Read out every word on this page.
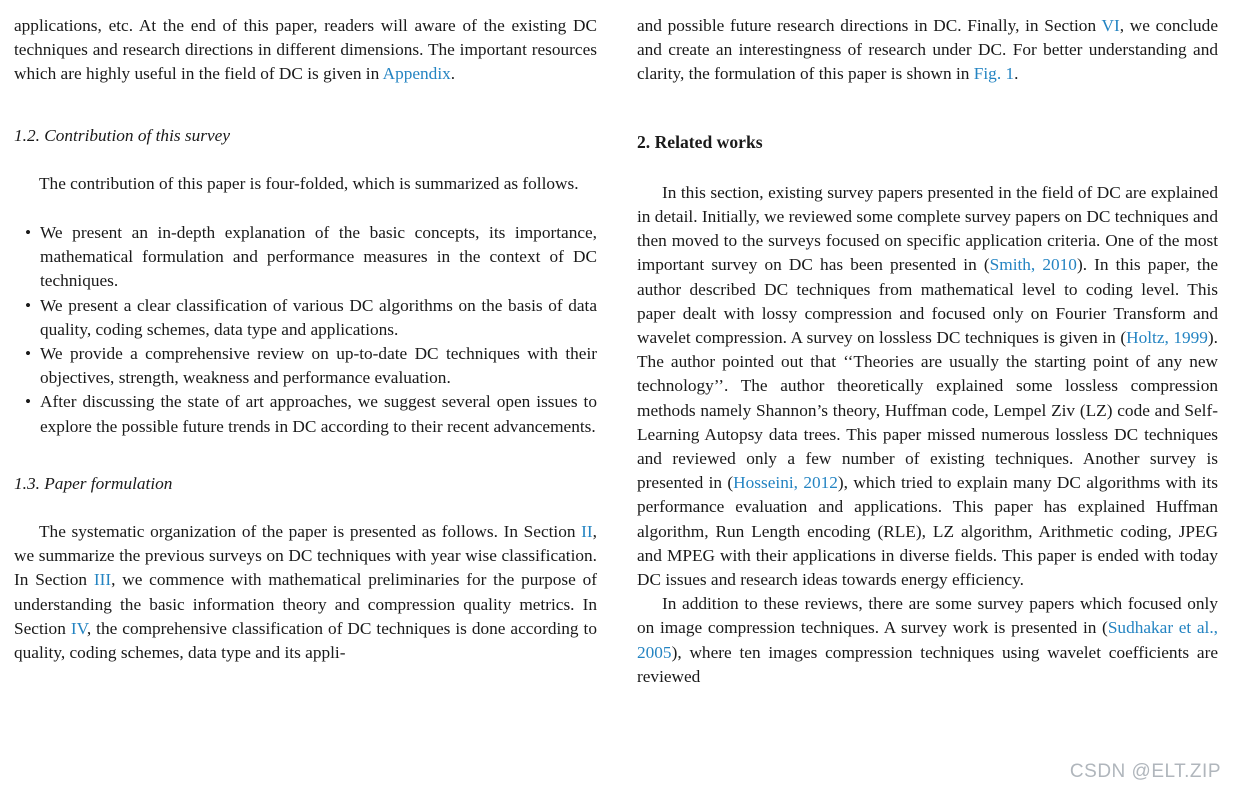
applications, etc. At the end of this paper, readers will aware of the existing DC techniques and research directions in different dimensions. The important resources which are highly useful in the field of DC is given in Appendix.

1.2. Contribution of this survey

The contribution of this paper is four-folded, which is summarized as follows.

• We present an in-depth explanation of the basic concepts, its importance, mathematical formulation and performance measures in the context of DC techniques.
• We present a clear classification of various DC algorithms on the basis of data quality, coding schemes, data type and applications.
• We provide a comprehensive review on up-to-date DC techniques with their objectives, strength, weakness and performance evaluation.
• After discussing the state of art approaches, we suggest several open issues to explore the possible future trends in DC according to their recent advancements.
1.3. Paper formulation

The systematic organization of the paper is presented as follows. In Section II, we summarize the previous surveys on DC techniques with year wise classification. In Section III, we commence with mathematical preliminaries for the purpose of understanding the basic information theory and compression quality metrics. In Section IV, the comprehensive classification of DC techniques is done according to quality, coding schemes, data type and its appli-

and possible future research directions in DC. Finally, in Section VI, we conclude and create an interestingness of research under DC. For better understanding and clarity, the formulation of this paper is shown in Fig. 1.

2. Related works

In this section, existing survey papers presented in the field of DC are explained in detail. Initially, we reviewed some complete survey papers on DC techniques and then moved to the surveys focused on specific application criteria. One of the most important survey on DC has been presented in (Smith, 2010). In this paper, the author described DC techniques from mathematical level to coding level. This paper dealt with lossy compression and focused only on Fourier Transform and wavelet compression. A survey on lossless DC techniques is given in (Holtz, 1999). The author pointed out that ‘‘Theories are usually the starting point of any new technology’’. The author theoretically explained some lossless compression methods namely Shannon’s theory, Huffman code, Lempel Ziv (LZ) code and Self-Learning Autopsy data trees. This paper missed numerous lossless DC techniques and reviewed only a few number of existing techniques. Another survey is presented in (Hosseini, 2012), which tried to explain many DC algorithms with its performance evaluation and applications. This paper has explained Huffman algorithm, Run Length encoding (RLE), LZ algorithm, Arithmetic coding, JPEG and MPEG with their applications in diverse fields. This paper is ended with today DC issues and research ideas towards energy efficiency.

In addition to these reviews, there are some survey papers which focused only on image compression techniques. A survey work is presented in (Sudhakar et al., 2005), where ten images compression techniques using wavelet coefficients are reviewed

CSDN @ELT.ZIP
